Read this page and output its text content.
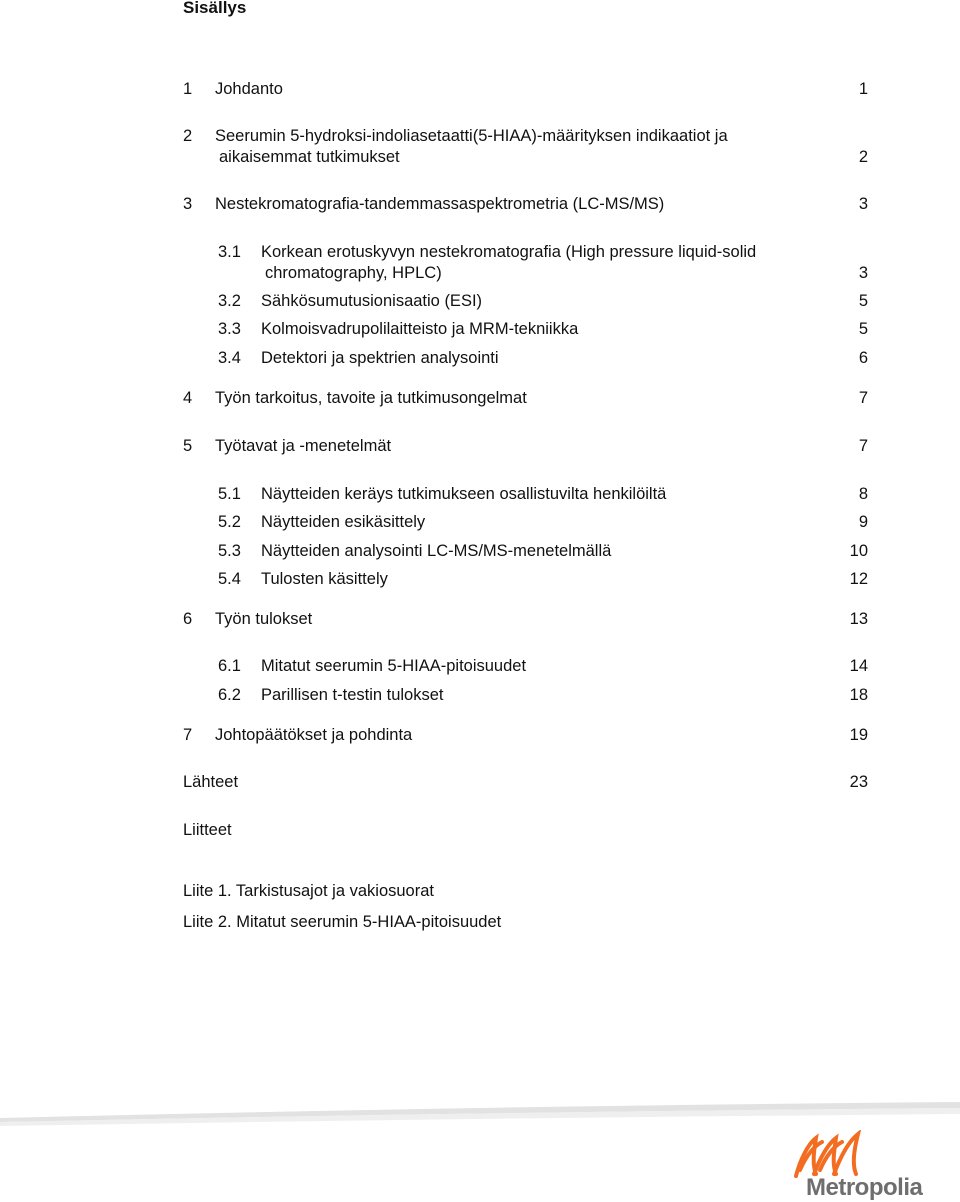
Sisällys
1 Johdanto	1
2 Seerumin 5-hydroksi-indoliasetaatti(5-HIAA)-määrityksen indikaatiot ja
aikaisemmat tutkimukset	2
3 Nestekromatografia-tandemmassaspektrometria (LC-MS/MS)	3
3.1 Korkean erotuskyvyn nestekromatografia (High pressure liquid-solid
chromatography, HPLC)	3
3.2 Sähkösumutusionisaatio (ESI)	5
3.3 Kolmoisvadrupolilaitteisto ja MRM-tekniikka	5
3.4 Detektori ja spektrien analysointi	6
4 Työn tarkoitus, tavoite ja tutkimusongelmat	7
5 Työtavat ja -menetelmät	7
5.1 Näytteiden keräys tutkimukseen osallistuvilta henkilöiltä	8
5.2 Näytteiden esikäsittely	9
5.3 Näytteiden analysointi LC-MS/MS-menetelmällä	10
5.4 Tulosten käsittely	12
6 Työn tulokset	13
6.1 Mitatut seerumin 5-HIAA-pitoisuudet	14
6.2 Parillisen t-testin tulokset	18
7 Johtopäätökset ja pohdinta	19
Lähteet	23
Liitteet
Liite 1. Tarkistusajot ja vakiosuorat
Liite 2. Mitatut seerumin 5-HIAA-pitoisuudet
Metropolia
